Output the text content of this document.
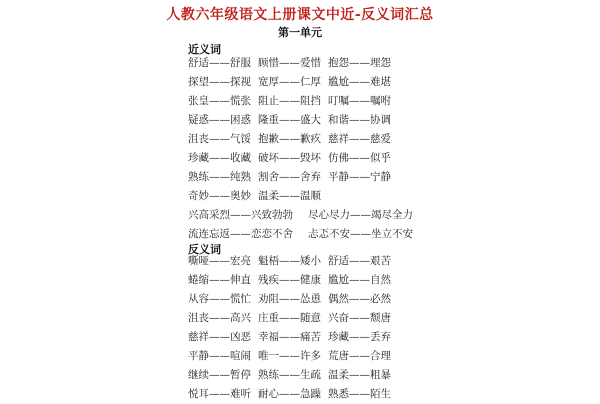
人教六年级语文上册课文中近-反义词汇总
第一单元
近义词
舒适——舒服 顾惜——爱惜 抱怨——埋怨
探望——探视 宽厚——仁厚 尴尬——难堪
张皇——慌张 阻止——阻挡 叮嘱——嘱咐
疑惑——困惑 隆重——盛大 和谐——协调
沮丧——气馁 抱歉——歉疚 慈祥——慈爱
珍藏——收藏 破坏——毁坏 仿佛——似乎
熟练——纯熟 割舍——舍弃 平静——宁静
奇妙——奥妙 温柔——温顺
兴高采烈——兴致勃勃 尽心尽力——竭尽全力
流连忘返——恋恋不舍 忐忑不安——坐立不安
反义词
嘶哑——宏亮 魁梧——矮小 舒适——艰苦
蜷缩——伸直 残疾——健康 尴尬——自然
从容——慌忙 劝阻——怂恿 偶然——必然
沮丧——高兴 庄重——随意 兴奋——颓唐
慈祥——凶恶 幸福——痛苦 珍藏——丢弃
平静——喧闹 唯一——许多 荒唐——合理
继续——暂停 熟练——生疏 温柔——粗暴
悦耳——难听 耐心——急躁 熟悉——陌生
